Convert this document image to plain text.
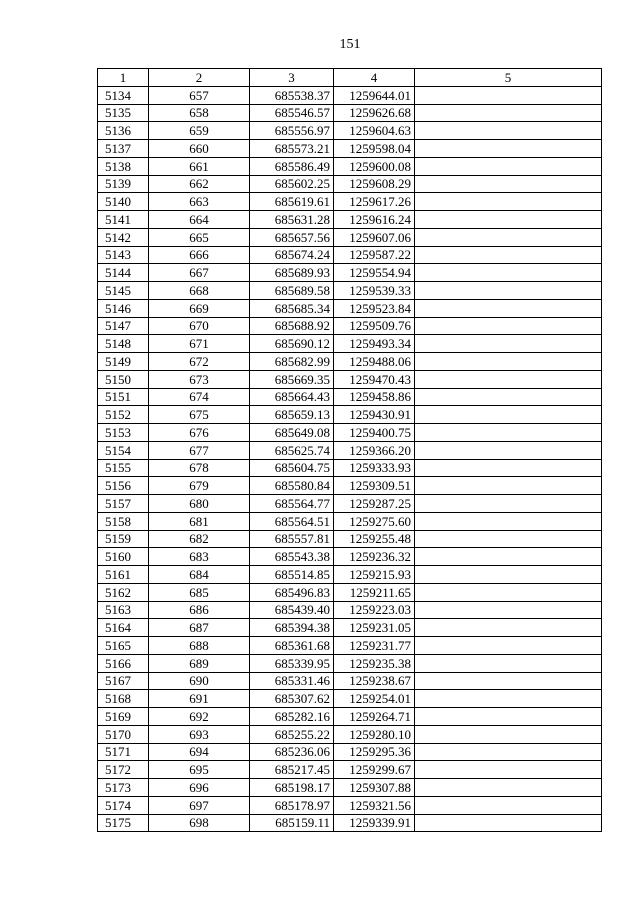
151
1	2	3	4	5
5134	657	685538.37	1259644.01	
5135	658	685546.57	1259626.68	
5136	659	685556.97	1259604.63	
5137	660	685573.21	1259598.04	
5138	661	685586.49	1259600.08	
5139	662	685602.25	1259608.29	
5140	663	685619.61	1259617.26	
5141	664	685631.28	1259616.24	
5142	665	685657.56	1259607.06	
5143	666	685674.24	1259587.22	
5144	667	685689.93	1259554.94	
5145	668	685689.58	1259539.33	
5146	669	685685.34	1259523.84	
5147	670	685688.92	1259509.76	
5148	671	685690.12	1259493.34	
5149	672	685682.99	1259488.06	
5150	673	685669.35	1259470.43	
5151	674	685664.43	1259458.86	
5152	675	685659.13	1259430.91	
5153	676	685649.08	1259400.75	
5154	677	685625.74	1259366.20	
5155	678	685604.75	1259333.93	
5156	679	685580.84	1259309.51	
5157	680	685564.77	1259287.25	
5158	681	685564.51	1259275.60	
5159	682	685557.81	1259255.48	
5160	683	685543.38	1259236.32	
5161	684	685514.85	1259215.93	
5162	685	685496.83	1259211.65	
5163	686	685439.40	1259223.03	
5164	687	685394.38	1259231.05	
5165	688	685361.68	1259231.77	
5166	689	685339.95	1259235.38	
5167	690	685331.46	1259238.67	
5168	691	685307.62	1259254.01	
5169	692	685282.16	1259264.71	
5170	693	685255.22	1259280.10	
5171	694	685236.06	1259295.36	
5172	695	685217.45	1259299.67	
5173	696	685198.17	1259307.88	
5174	697	685178.97	1259321.56	
5175	698	685159.11	1259339.91	
